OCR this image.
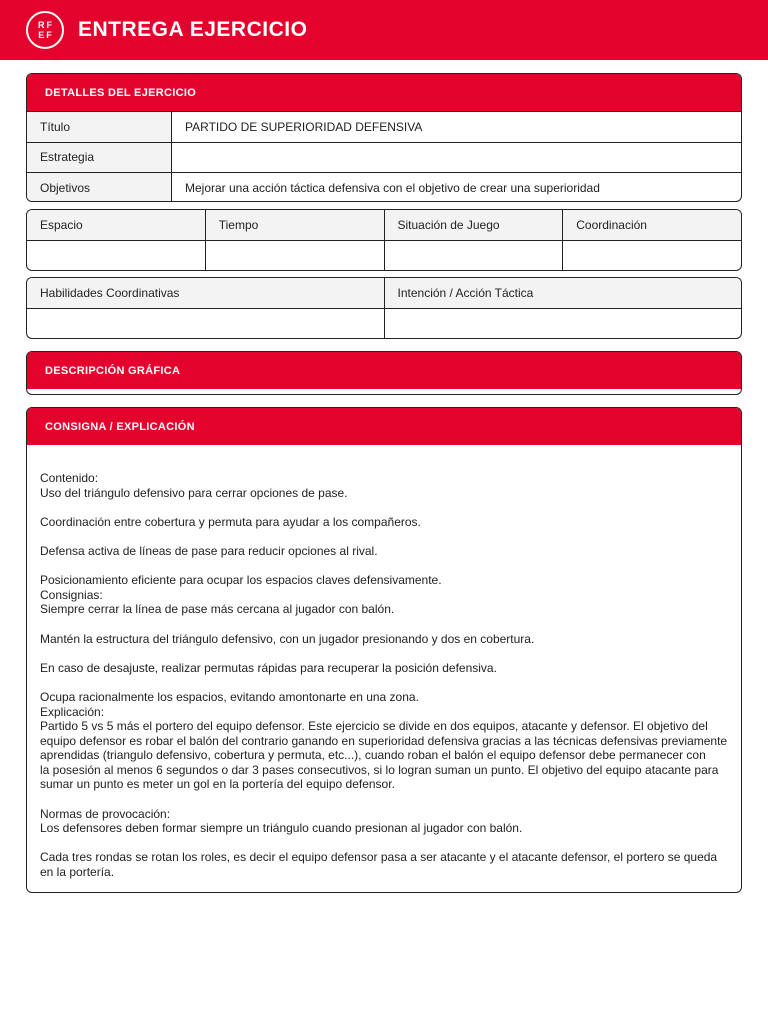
RF
EF	ENTREGA EJERCICIO
DETALLES DEL EJERCICIO
Título	PARTIDO DE SUPERIORIDAD DEFENSIVA
Estrategia
Objetivos	Mejorar una acción táctica defensiva con el objetivo de crear una superioridad
Espacio	Tiempo	Situación de Juego	Coordinación
Habilidades Coordinativas	Intención / Acción Táctica
DESCRIPCIÓN GRÁFICA
CONSIGNA / EXPLICACIÓN
Contenido:
Uso del triángulo defensivo para cerrar opciones de pase.
Coordinación entre cobertura y permuta para ayudar a los compañeros.
Defensa activa de líneas de pase para reducir opciones al rival.
Posicionamiento eficiente para ocupar los espacios claves defensivamente.
Consignias:
Siempre cerrar la línea de pase más cercana al jugador con balón.
Mantén la estructura del triángulo defensivo, con un jugador presionando y dos en cobertura.
En caso de desajuste, realizar permutas rápidas para recuperar la posición defensiva.
Ocupa racionalmente los espacios, evitando amontonarte en una zona.
Explicación:
Partido 5 vs 5 más el portero del equipo defensor. Este ejercicio se divide en dos equipos, atacante y defensor. El objetivo del
equipo defensor es robar el balón del contrario ganando en superioridad defensiva gracias a las técnicas defensivas previamente
aprendidas (triangulo defensivo, cobertura y permuta, etc...), cuando roban el balón el equipo defensor debe permanecer con
la posesión al menos 6 segundos o dar 3 pases consecutivos, si lo logran suman un punto. El objetivo del equipo atacante para
sumar un punto es meter un gol en la portería del equipo defensor.
Normas de provocación:
Los defensores deben formar siempre un triángulo cuando presionan al jugador con balón.
Cada tres rondas se rotan los roles, es decir el equipo defensor pasa a ser atacante y el atacante defensor, el portero se queda
en la portería.
